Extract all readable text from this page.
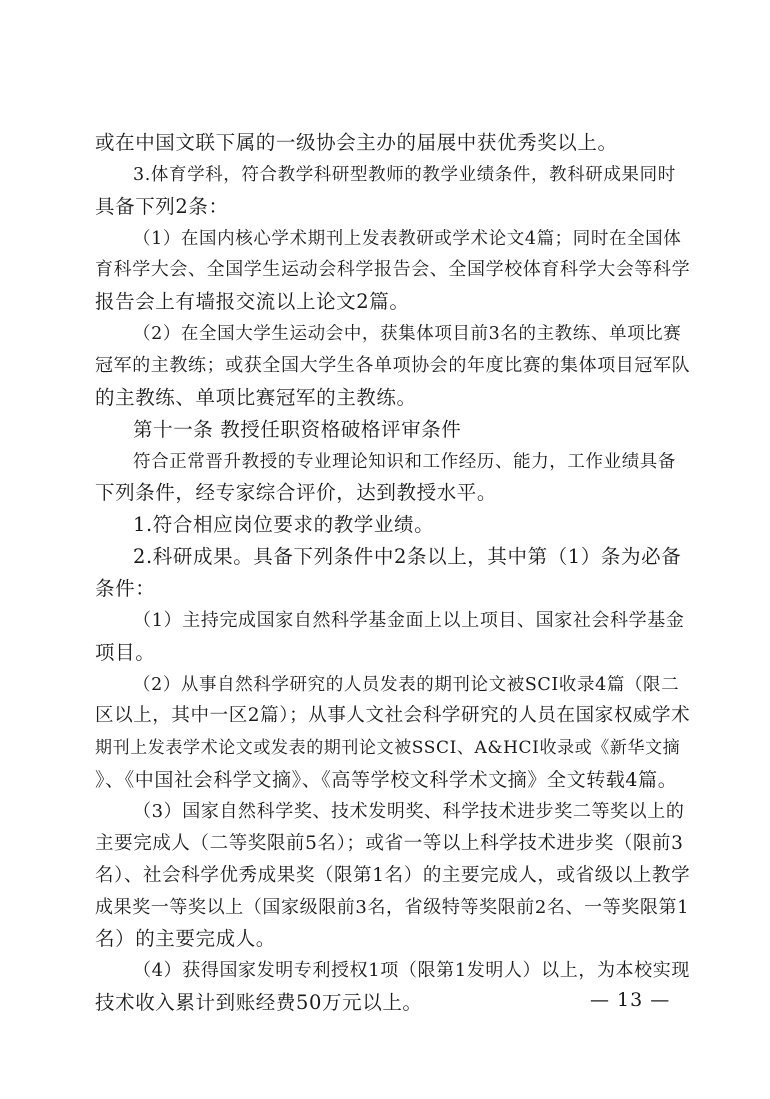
或在中国文联下属的一级协会主办的届展中获优秀奖以上。
3.体育学科，符合教学科研型教师的教学业绩条件，教科研成果同时
具备下列2条：
（1）在国内核心学术期刊上发表教研或学术论文4篇；同时在全国体
育科学大会、全国学生运动会科学报告会、全国学校体育科学大会等科学
报告会上有墙报交流以上论文2篇。
（2）在全国大学生运动会中，获集体项目前3名的主教练、单项比赛
冠军的主教练；或获全国大学生各单项协会的年度比赛的集体项目冠军队
的主教练、单项比赛冠军的主教练。
第十一条 教授任职资格破格评审条件
符合正常晋升教授的专业理论知识和工作经历、能力，工作业绩具备
下列条件，经专家综合评价，达到教授水平。
1.符合相应岗位要求的教学业绩。
2.科研成果。具备下列条件中2条以上，其中第（1）条为必备
条件：
（1）主持完成国家自然科学基金面上以上项目、国家社会科学基金
项目。
（2）从事自然科学研究的人员发表的期刊论文被SCI收录4篇（限二
区以上，其中一区2篇）；从事人文社会科学研究的人员在国家权威学术
期刊上发表学术论文或发表的期刊论文被SSCI、A&HCI收录或《新华文摘
》、《中国社会科学文摘》、《高等学校文科学术文摘》全文转载4篇。
（3）国家自然科学奖、技术发明奖、科学技术进步奖二等奖以上的
主要完成人（二等奖限前5名）；或省一等以上科学技术进步奖（限前3
名）、社会科学优秀成果奖（限第1名）的主要完成人，或省级以上教学
成果奖一等奖以上（国家级限前3名，省级特等奖限前2名、一等奖限第1
名）的主要完成人。
（4）获得国家发明专利授权1项（限第1发明人）以上，为本校实现
技术收入累计到账经费50万元以上。	— 13 —
